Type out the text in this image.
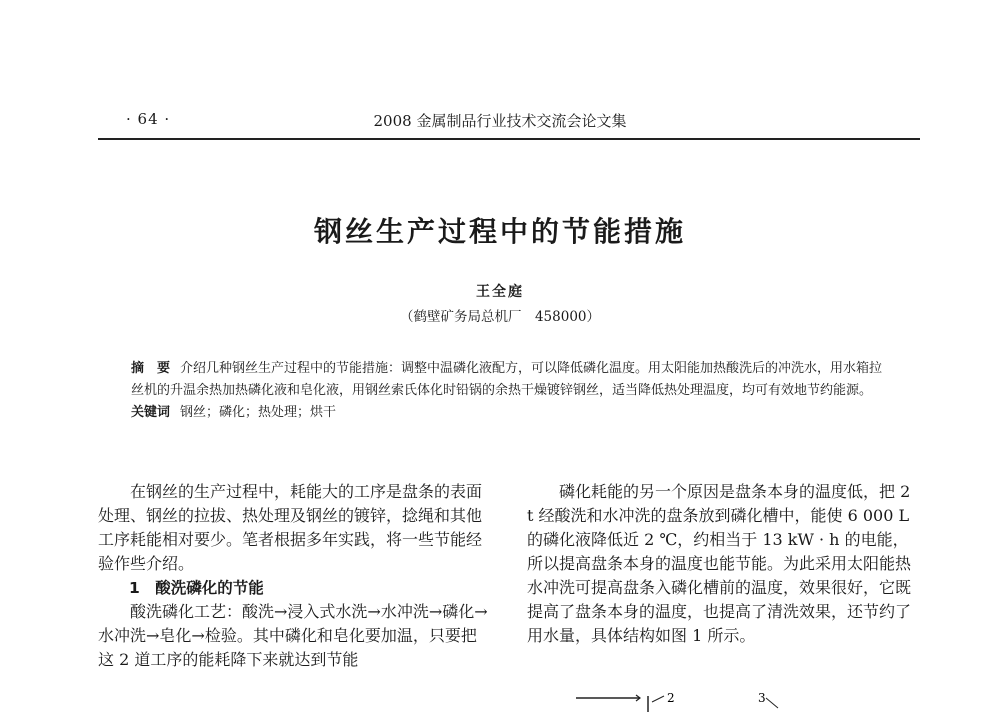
· 64 ·	2008 金属制品行业技术交流会论文集
钢丝生产过程中的节能措施
王全庭
（鹤壁矿务局总机厂　458000）
摘　要 介绍几种钢丝生产过程中的节能措施：调整中温磷化液配方，可以降低磷化温度。用太阳能加热酸洗后的冲洗水，用水箱拉丝机的升温余热加热磷化液和皂化液，用钢丝索氏体化时铅锅的余热干燥镀锌钢丝，适当降低热处理温度，均可有效地节约能源。
关键词 钢丝；磷化；热处理；烘干

在钢丝的生产过程中，耗能大的工序是盘条的表面处理、钢丝的拉拔、热处理及钢丝的镀锌，捻绳和其他工序耗能相对要少。笔者根据多年实践，将一些节能经验作些介绍。

1　酸洗磷化的节能

酸洗磷化工艺：酸洗→浸入式水洗→水冲洗→磷化→水冲洗→皂化→检验。其中磷化和皂化要加温，只要把这 2 道工序的能耗降下来就达到节能

磷化耗能的另一个原因是盘条本身的温度低，把 2 t 经酸洗和水冲洗的盘条放到磷化槽中，能使 6 000 L 的磷化液降低近 2 ℃，约相当于 13 kW · h 的电能，所以提高盘条本身的温度也能节能。为此采用太阳能热水冲洗可提高盘条入磷化槽前的温度，效果很好，它既提高了盘条本身的温度，也提高了清洗效果，还节约了用水量，具体结构如图 1 所示。

2	3
